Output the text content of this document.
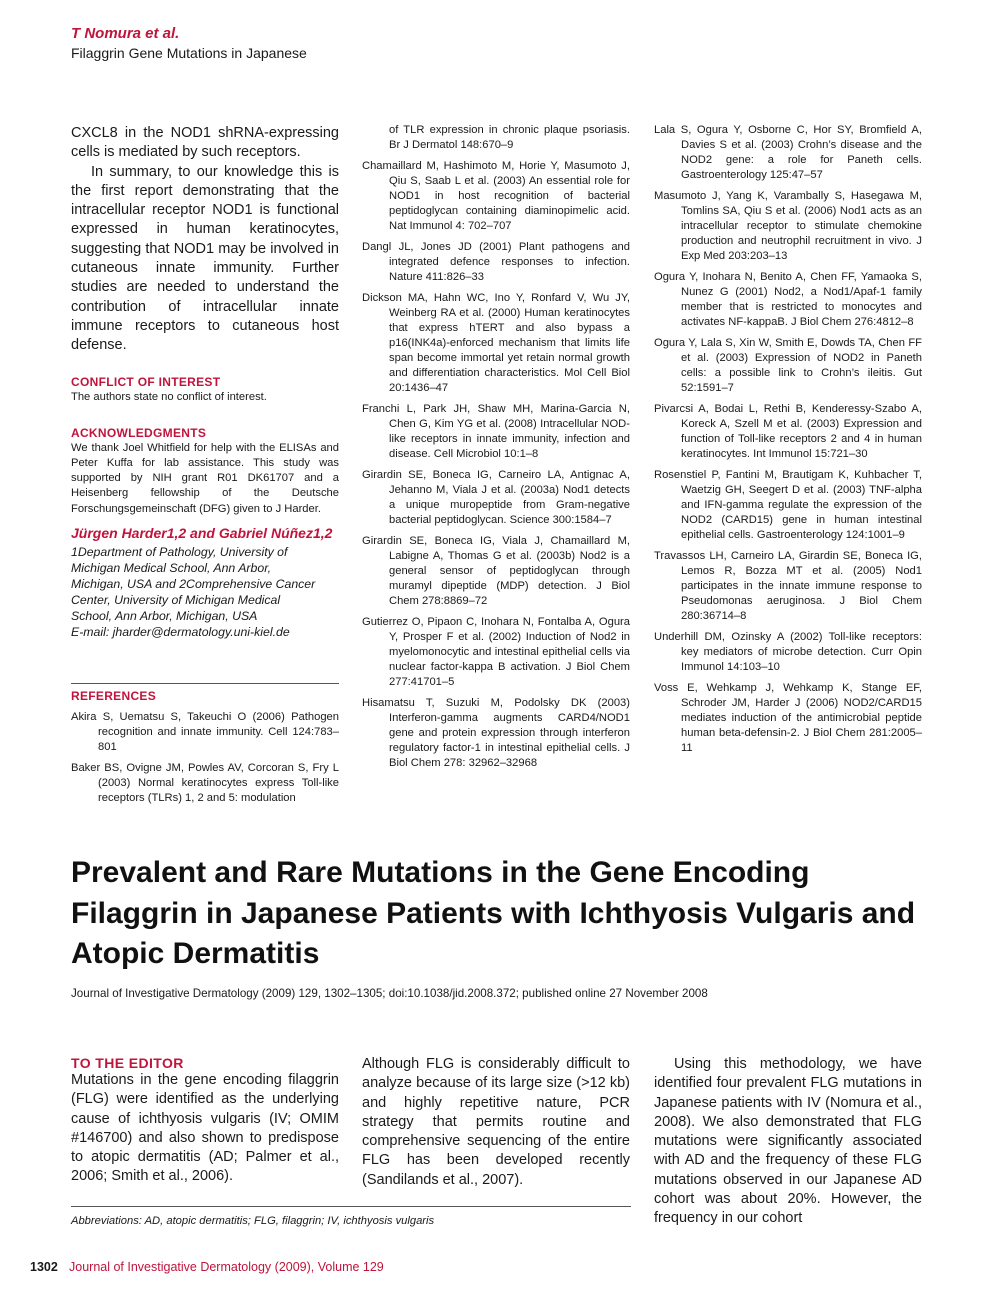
T Nomura et al.
Filaggrin Gene Mutations in Japanese

CXCL8 in the NOD1 shRNA-expressing cells is mediated by such receptors.

In summary, to our knowledge this is the first report demonstrating that the intracellular receptor NOD1 is functional expressed in human keratinocytes, suggesting that NOD1 may be involved in cutaneous innate immunity. Further studies are needed to understand the contribution of intracellular innate immune receptors to cutaneous host defense.

CONFLICT OF INTEREST

The authors state no conflict of interest.

ACKNOWLEDGMENTS

We thank Joel Whitfield for help with the ELISAs and Peter Kuffa for lab assistance. This study was supported by NIH grant R01 DK61707 and a Heisenberg fellowship of the Deutsche Forschungsgemeinschaft (DFG) given to J Harder.

Jürgen Harder1,2 and Gabriel Núñez1,2

1Department of Pathology, University of

Michigan Medical School, Ann Arbor,

Michigan, USA and 2Comprehensive Cancer

Center, University of Michigan Medical

School, Ann Arbor, Michigan, USA

E-mail: jharder@dermatology.uni-kiel.de

REFERENCES

Akira S, Uematsu S, Takeuchi O (2006) Pathogen recognition and innate immunity. Cell 124:783–801

Baker BS, Ovigne JM, Powles AV, Corcoran S, Fry L (2003) Normal keratinocytes express Toll-like receptors (TLRs) 1, 2 and 5: modulation

of TLR expression in chronic plaque psoriasis. Br J Dermatol 148:670–9

Chamaillard M, Hashimoto M, Horie Y, Masumoto J, Qiu S, Saab L et al. (2003) An essential role for NOD1 in host recognition of bacterial peptidoglycan containing diaminopimelic acid. Nat Immunol 4: 702–707

Dangl JL, Jones JD (2001) Plant pathogens and integrated defence responses to infection. Nature 411:826–33

Dickson MA, Hahn WC, Ino Y, Ronfard V, Wu JY, Weinberg RA et al. (2000) Human keratinocytes that express hTERT and also bypass a p16(INK4a)-enforced mechanism that limits life span become immortal yet retain normal growth and differentiation characteristics. Mol Cell Biol 20:1436–47

Franchi L, Park JH, Shaw MH, Marina-Garcia N, Chen G, Kim YG et al. (2008) Intracellular NOD-like receptors in innate immunity, infection and disease. Cell Microbiol 10:1–8

Girardin SE, Boneca IG, Carneiro LA, Antignac A, Jehanno M, Viala J et al. (2003a) Nod1 detects a unique muropeptide from Gram-negative bacterial peptidoglycan. Science 300:1584–7

Girardin SE, Boneca IG, Viala J, Chamaillard M, Labigne A, Thomas G et al. (2003b) Nod2 is a general sensor of peptidoglycan through muramyl dipeptide (MDP) detection. J Biol Chem 278:8869–72

Gutierrez O, Pipaon C, Inohara N, Fontalba A, Ogura Y, Prosper F et al. (2002) Induction of Nod2 in myelomonocytic and intestinal epithelial cells via nuclear factor-kappa B activation. J Biol Chem 277:41701–5

Hisamatsu T, Suzuki M, Podolsky DK (2003) Interferon-gamma augments CARD4/NOD1 gene and protein expression through interferon regulatory factor-1 in intestinal epithelial cells. J Biol Chem 278: 32962–32968

Lala S, Ogura Y, Osborne C, Hor SY, Bromfield A, Davies S et al. (2003) Crohn’s disease and the NOD2 gene: a role for Paneth cells. Gastroenterology 125:47–57

Masumoto J, Yang K, Varambally S, Hasegawa M, Tomlins SA, Qiu S et al. (2006) Nod1 acts as an intracellular receptor to stimulate chemokine production and neutrophil recruitment in vivo. J Exp Med 203:203–13

Ogura Y, Inohara N, Benito A, Chen FF, Yamaoka S, Nunez G (2001) Nod2, a Nod1/Apaf-1 family member that is restricted to monocytes and activates NF-kappaB. J Biol Chem 276:4812–8

Ogura Y, Lala S, Xin W, Smith E, Dowds TA, Chen FF et al. (2003) Expression of NOD2 in Paneth cells: a possible link to Crohn’s ileitis. Gut 52:1591–7

Pivarcsi A, Bodai L, Rethi B, Kenderessy-Szabo A, Koreck A, Szell M et al. (2003) Expression and function of Toll-like receptors 2 and 4 in human keratinocytes. Int Immunol 15:721–30

Rosenstiel P, Fantini M, Brautigam K, Kuhbacher T, Waetzig GH, Seegert D et al. (2003) TNF-alpha and IFN-gamma regulate the expression of the NOD2 (CARD15) gene in human intestinal epithelial cells. Gastroenterology 124:1001–9

Travassos LH, Carneiro LA, Girardin SE, Boneca IG, Lemos R, Bozza MT et al. (2005) Nod1 participates in the innate immune response to Pseudomonas aeruginosa. J Biol Chem 280:36714–8

Underhill DM, Ozinsky A (2002) Toll-like receptors: key mediators of microbe detection. Curr Opin Immunol 14:103–10

Voss E, Wehkamp J, Wehkamp K, Stange EF, Schroder JM, Harder J (2006) NOD2/CARD15 mediates induction of the antimicrobial peptide human beta-defensin-2. J Biol Chem 281:2005–11

Prevalent and Rare Mutations in the Gene Encoding Filaggrin in Japanese Patients with Ichthyosis Vulgaris and Atopic Dermatitis

Journal of Investigative Dermatology (2009) 129, 1302–1305; doi:10.1038/jid.2008.372; published online 27 November 2008

TO THE EDITOR

Mutations in the gene encoding filaggrin (FLG) were identified as the underlying cause of ichthyosis vulgaris (IV; OMIM #146700) and also shown to predispose to atopic dermatitis (AD; Palmer et al., 2006; Smith et al., 2006).

Although FLG is considerably difficult to analyze because of its large size (>12 kb) and highly repetitive nature, PCR strategy that permits routine and comprehensive sequencing of the entire FLG has been developed recently (Sandilands et al., 2007).

Using this methodology, we have identified four prevalent FLG mutations in Japanese patients with IV (Nomura et al., 2008). We also demonstrated that FLG mutations were significantly associated with AD and the frequency of these FLG mutations observed in our Japanese AD cohort was about 20%. However, the frequency in our cohort

Abbreviations: AD, atopic dermatitis; FLG, filaggrin; IV, ichthyosis vulgaris

1302 Journal of Investigative Dermatology (2009), Volume 129
